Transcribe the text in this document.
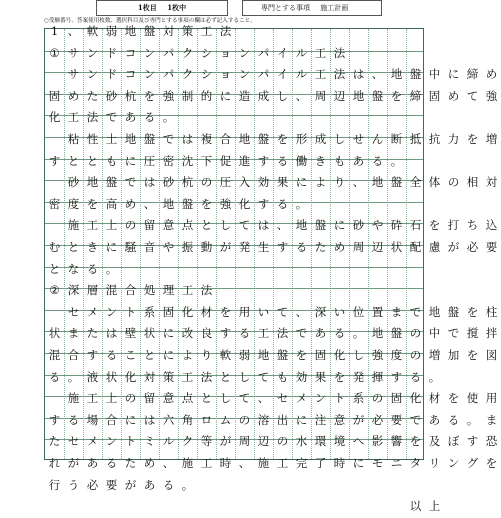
1枚目 1枚中	専門とする事項 施工計画
○受験番号、答案使用枚数、選択科目及び専門とする事項の欄は必ず記入すること。
1 、 軟 弱 地 盤 対 策 工 法
① サ ン ド コ ン パ ク シ ョ ン パ イ ル 工 法
サ ン ド コ ン パ ク シ ョ ン パ イ ル 工 法 は 、 地 盤 中 に 締 め
固 め た 砂 杭 を 強 制 的 に 造 成 し 、 周 辺 地 盤 を 締 固 め て 強
化 工 法 で あ る 。
粘 性 土 地 盤 で は 複 合 地 盤 を 形 成 し せ ん 断 抵 抗 力 を 増
す と と も に 圧 密 沈 下 促 進 す る 働 き も あ る 。
砂 地 盤 で は 砂 杭 の 圧 入 効 果 に よ り 、 地 盤 全 体 の 相 対
密 度 を 高 め 、 地 盤 を 強 化 す る 。
施 工 上 の 留 意 点 と し て は 、 地 盤 に 砂 や 砕 石 を 打 ち 込
む と き に 騒 音 や 振 動 が 発 生 す る た め 周 辺 状 配 慮 が 必 要
と な る 。
② 深 層 混 合 処 理 工 法
セ メ ン ト 系 固 化 材 を 用 い て 、 深 い 位 置 ま で 地 盤 を 柱
状 ま た は 壁 状 に 改 良 す る 工 法 で あ る 。 地 盤 の 中 で 撹 拌
混 合 す る こ と に よ り 軟 弱 地 盤 を 固 化 し 強 度 の 増 加 を 図
る 。 液 状 化 対 策 工 法 と し て も 効 果 を 発 揮 す る 。
施 工 上 の 留 意 点 と し て 、 セ メ ン ト 系 の 固 化 材 を 使 用
す る 場 合 に は 六 角 ロ ム の 溶 出 に 注 意 が 必 要 で あ る 。 ま
た セ メ ン ト ミ ル ク 等 が 周 辺 の 水 環 境 へ 影 響 を 及 ぼ す 恐
れ が あ る た め 、 施 工 時 、 施 工 完 了 時 に モ ニ タ リ ン グ を
行 う 必 要 が あ る 。
以 上
